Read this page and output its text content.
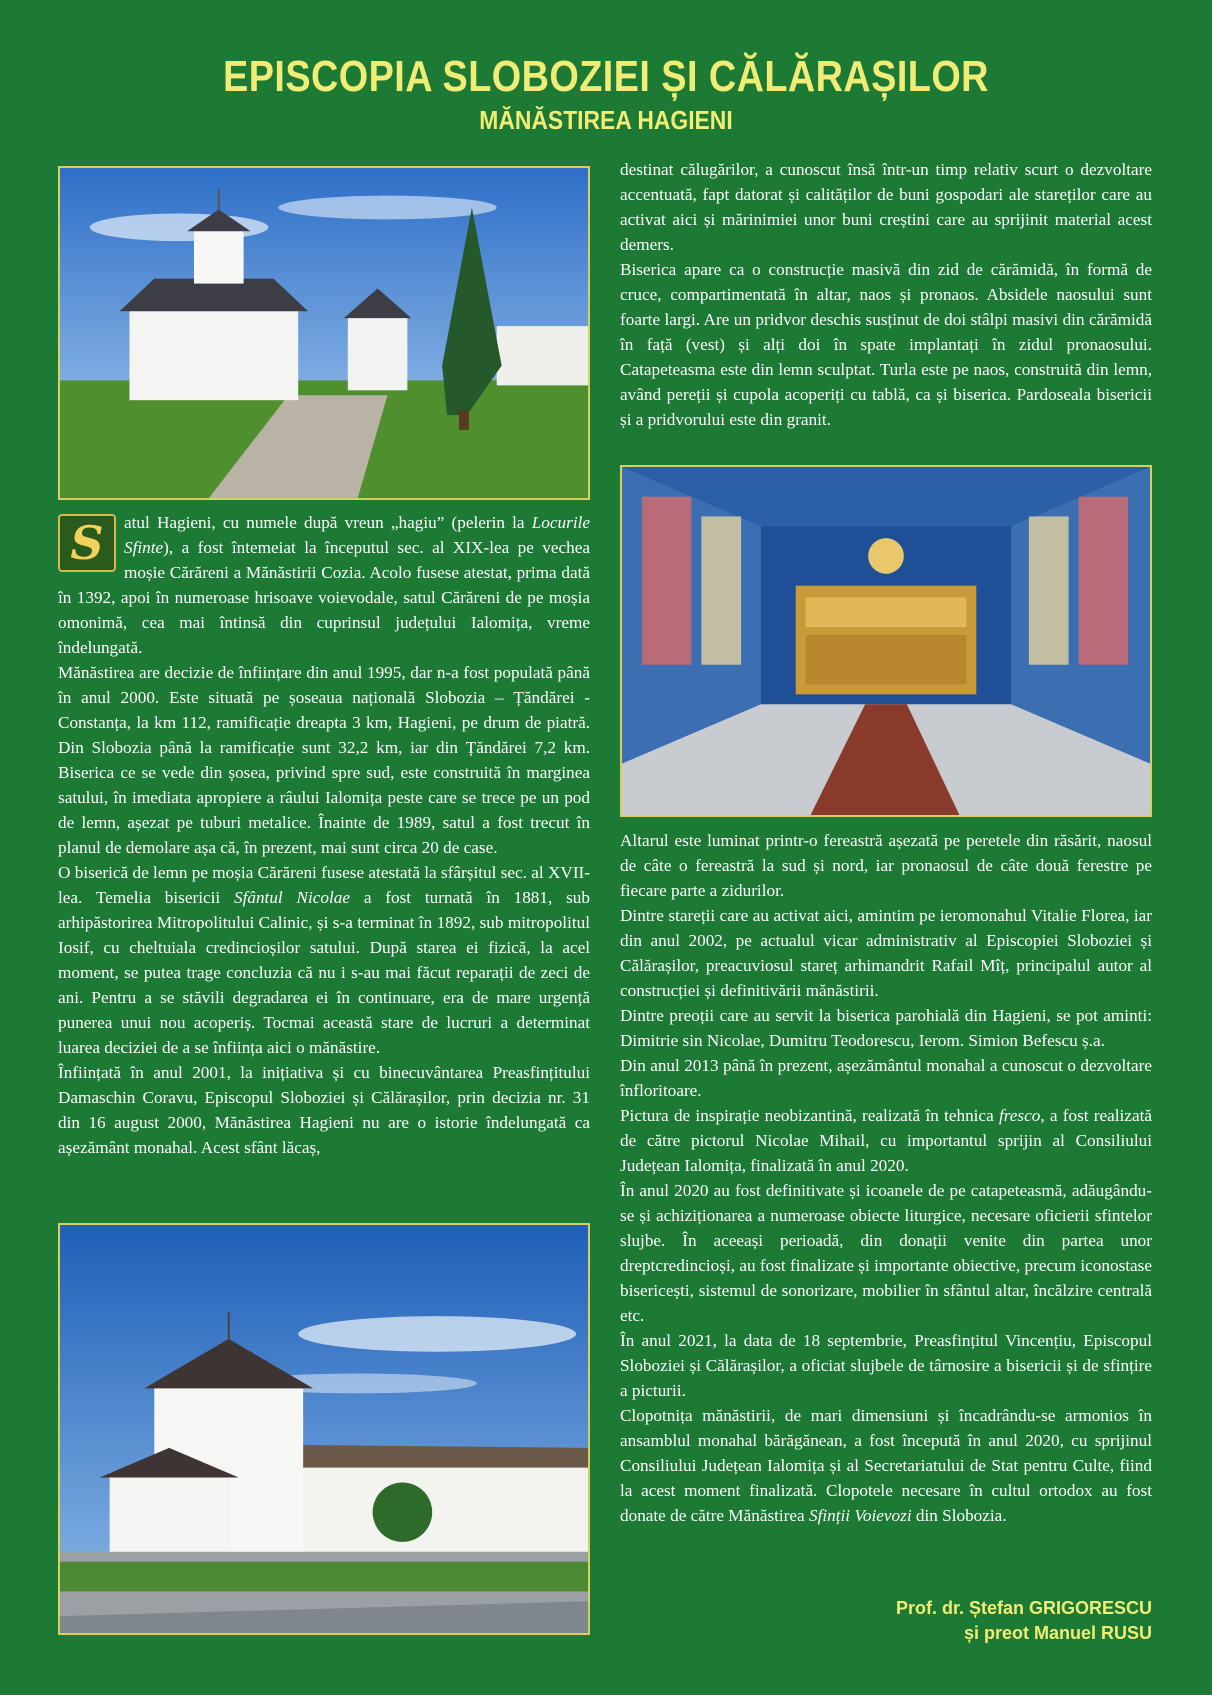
EPISCOPIA SLOBOZIEI ȘI CĂLĂRAȘILOR
MĂNĂSTIREA HAGIENI

S	atul Hagieni, cu numele după vreun „hagiu” (pelerin la Locurile Sfinte), a fost întemeiat la începutul sec. al XIX-lea pe vechea moșie Cărăreni a Mănăstirii Cozia. Acolo fusese atestat, prima dată în 1392, apoi în numeroase hrisoave voievodale, satul Cărăreni de pe moșia omonimă, cea mai întinsă din cuprinsul județului Ialomița, vreme îndelungată.

Mănăstirea are decizie de înființare din anul 1995, dar n-a fost populată până în anul 2000. Este situată pe șoseaua națională Slobozia – Țăndărei - Constanța, la km 112, ramificație dreapta 3 km, Hagieni, pe drum de piatră. Din Slobozia până la ramificație sunt 32,2 km, iar din Țăndărei 7,2 km. Biserica ce se vede din șosea, privind spre sud, este construită în marginea satului, în imediata apropiere a râului Ialomița peste care se trece pe un pod de lemn, așezat pe tuburi metalice. Înainte de 1989, satul a fost trecut în planul de demolare așa că, în prezent, mai sunt circa 20 de case.

O biserică de lemn pe moșia Cărăreni fusese atestată la sfârșitul sec. al XVII-lea. Temelia bisericii Sfântul Nicolae a fost turnată în 1881, sub arhipăstorirea Mitropolitului Calinic, și s-a terminat în 1892, sub mitropolitul Iosif, cu cheltuiala credincioșilor satului. După starea ei fizică, la acel moment, se putea trage concluzia că nu i s-au mai făcut reparații de zeci de ani. Pentru a se stăvili degradarea ei în continuare, era de mare urgență punerea unui nou acoperiș. Tocmai această stare de lucruri a determinat luarea deciziei de a se înființa aici o mănăstire.

Înființată în anul 2001, la inițiativa și cu binecuvântarea Preasfințitului Damaschin Coravu, Episcopul Sloboziei și Călărașilor, prin decizia nr. 31 din 16 august 2000, Mănăstirea Hagieni nu are o istorie îndelungată ca așezământ monahal. Acest sfânt lăcaș,

destinat călugărilor, a cunoscut însă într-un timp relativ scurt o dezvoltare accentuată, fapt datorat și calităților de buni gospodari ale stareților care au activat aici și mărinimiei unor buni creștini care au sprijinit material acest demers.

Biserica apare ca o construcție masivă din zid de cărămidă, în formă de cruce, compartimentată în altar, naos și pronaos. Absidele naosului sunt foarte largi. Are un pridvor deschis susținut de doi stâlpi masivi din cărămidă în față (vest) și alți doi în spate implantați în zidul pronaosului. Catapeteasma este din lemn sculptat. Turla este pe naos, construită din lemn, având pereții și cupola acoperiți cu tablă, ca și biserica. Pardoseala bisericii și a pridvorului este din granit.

Altarul este luminat printr-o fereastră așezată pe peretele din răsărit, naosul de câte o fereastră la sud și nord, iar pronaosul de câte două ferestre pe fiecare parte a zidurilor.

Dintre stareții care au activat aici, amintim pe ieromonahul Vitalie Florea, iar din anul 2002, pe actualul vicar administrativ al Episcopiei Sloboziei și Călărașilor, preacuviosul stareț arhimandrit Rafail Mîț, principalul autor al construcției și definitivării mănăstirii.

Dintre preoții care au servit la biserica parohială din Hagieni, se pot aminti: Dimitrie sin Nicolae, Dumitru Teodorescu, Ierom. Simion Befescu ș.a.

Din anul 2013 până în prezent, așezământul monahal a cunoscut o dezvoltare înfloritoare.

Pictura de inspirație neobizantină, realizată în tehnica fresco, a fost realizată de către pictorul Nicolae Mihail, cu importantul sprijin al Consiliului Județean Ialomița, finalizată în anul 2020.

În anul 2020 au fost definitivate și icoanele de pe catapeteasmă, adăugându-se și achiziționarea a numeroase obiecte liturgice, necesare oficierii sfintelor slujbe. În aceeași perioadă, din donații venite din partea unor dreptcredincioși, au fost finalizate și importante obiective, precum iconostase bisericești, sistemul de sonorizare, mobilier în sfântul altar, încălzire centrală etc.

În anul 2021, la data de 18 septembrie, Preasfințitul Vincențiu, Episcopul Sloboziei și Călărașilor, a oficiat slujbele de târnosire a bisericii și de sfințire a picturii.

Clopotnița mănăstirii, de mari dimensiuni și încadrându-se armonios în ansamblul monahal bărăgănean, a fost începută în anul 2020, cu sprijinul Consiliului Județean Ialomița și al Secretariatului de Stat pentru Culte, fiind la acest moment finalizată. Clopotele necesare în cultul ortodox au fost donate de către Mănăstirea Sfinții Voievozi din Slobozia.

Prof. dr. Ștefan GRIGORESCU
și preot Manuel RUSU
